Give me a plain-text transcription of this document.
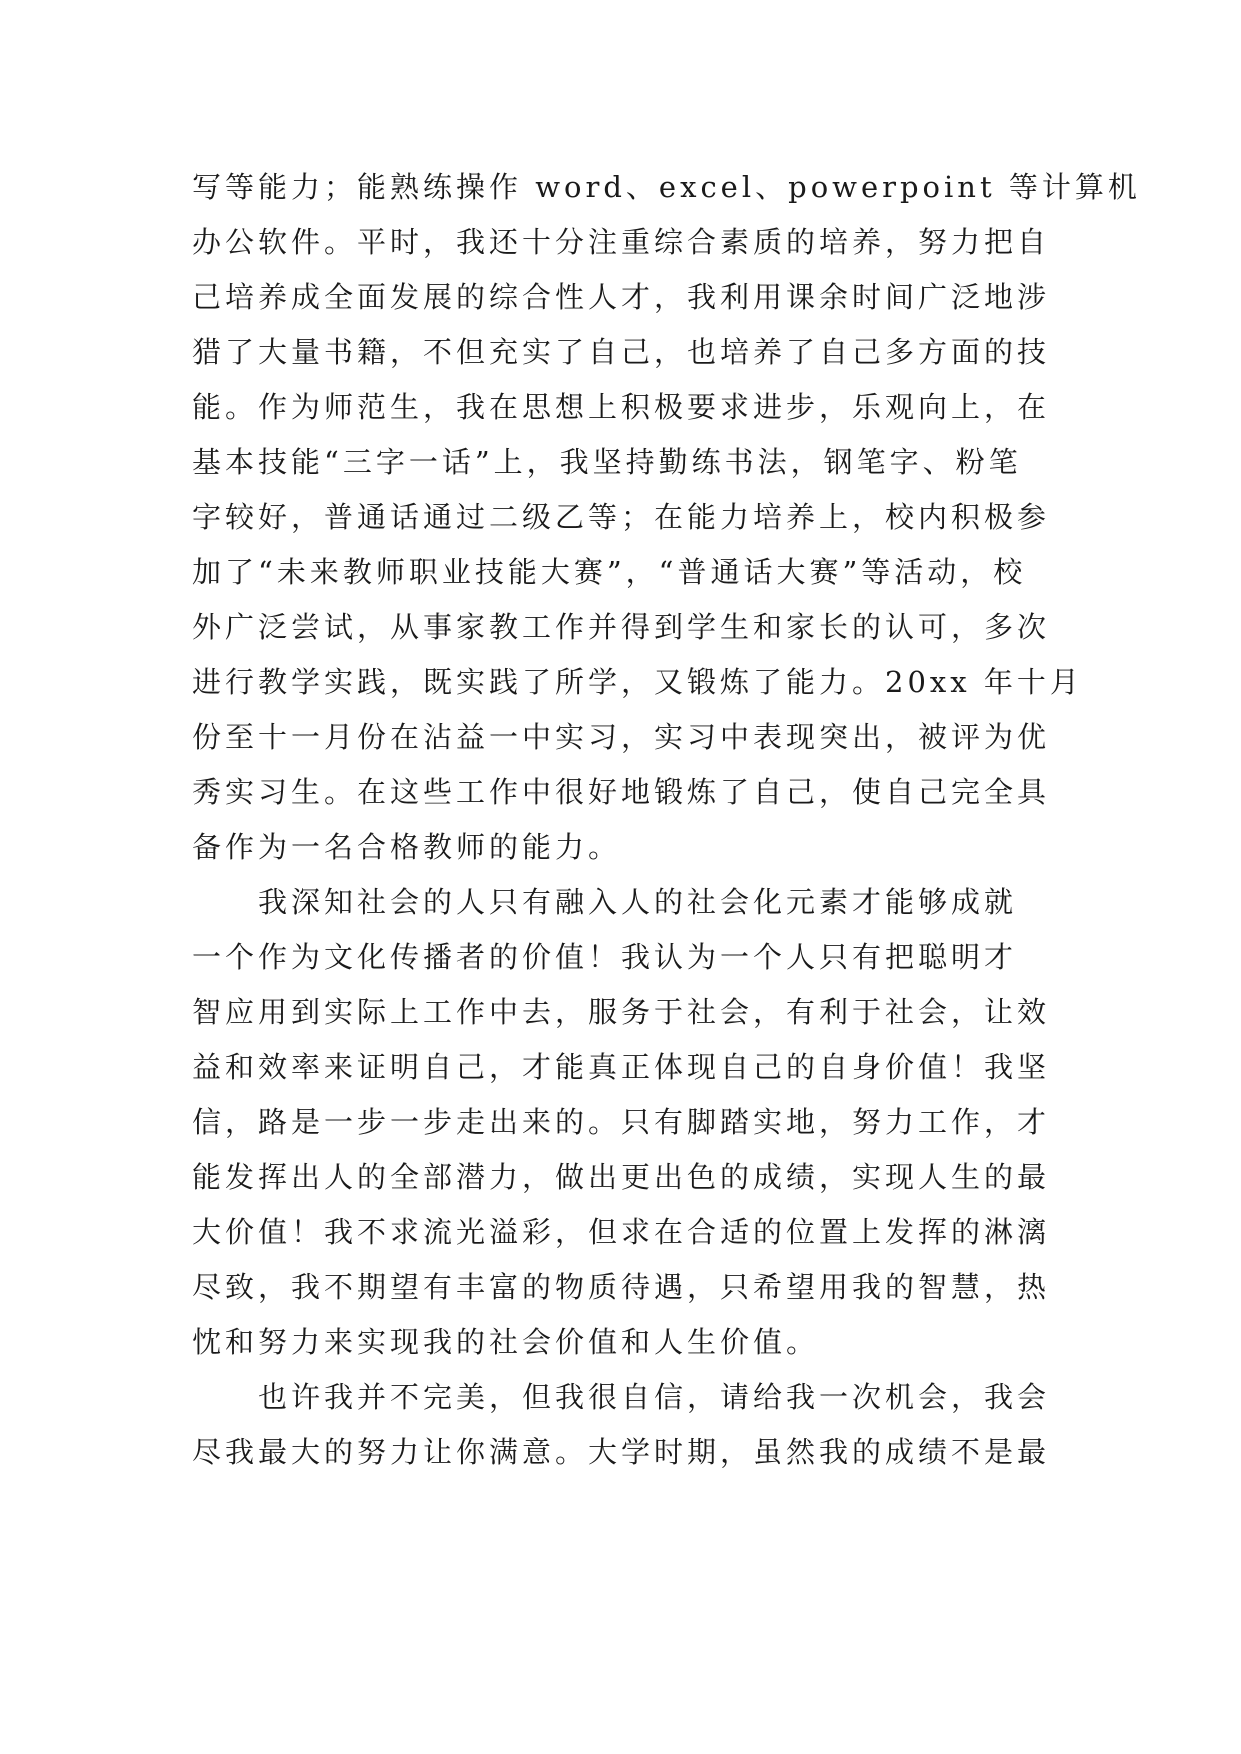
写等能力；能熟练操作 word、excel、powerpoint 等计算机
办公软件。平时，我还十分注重综合素质的培养，努力把自
己培养成全面发展的综合性人才，我利用课余时间广泛地涉
猎了大量书籍，不但充实了自己，也培养了自己多方面的技
能。作为师范生，我在思想上积极要求进步，乐观向上，在
基本技能“三字一话”上，我坚持勤练书法，钢笔字、粉笔
字较好，普通话通过二级乙等；在能力培养上，校内积极参
加了“未来教师职业技能大赛”，“普通话大赛”等活动，校
外广泛尝试，从事家教工作并得到学生和家长的认可，多次
进行教学实践，既实践了所学，又锻炼了能力。20xx 年十月
份至十一月份在沾益一中实习，实习中表现突出，被评为优
秀实习生。在这些工作中很好地锻炼了自己，使自己完全具
备作为一名合格教师的能力。
我深知社会的人只有融入人的社会化元素才能够成就
一个作为文化传播者的价值！我认为一个人只有把聪明才
智应用到实际上工作中去，服务于社会，有利于社会，让效
益和效率来证明自己，才能真正体现自己的自身价值！我坚
信，路是一步一步走出来的。只有脚踏实地，努力工作，才
能发挥出人的全部潜力，做出更出色的成绩，实现人生的最
大价值！我不求流光溢彩，但求在合适的位置上发挥的淋漓
尽致，我不期望有丰富的物质待遇，只希望用我的智慧，热
忱和努力来实现我的社会价值和人生价值。
也许我并不完美，但我很自信，请给我一次机会，我会
尽我最大的努力让你满意。大学时期，虽然我的成绩不是最
